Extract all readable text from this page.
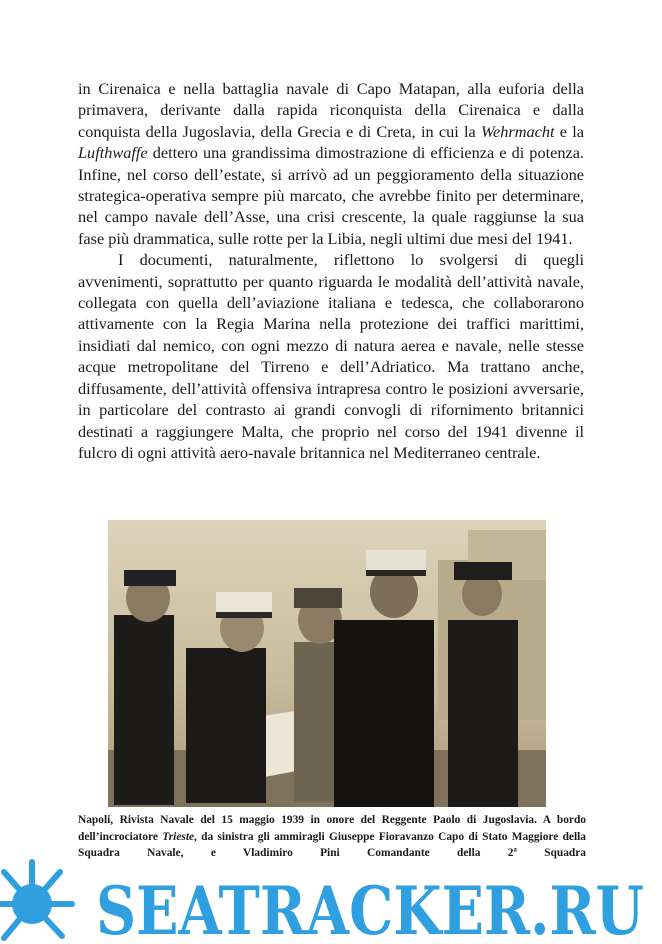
in Cirenaica e nella battaglia navale di Capo Matapan, alla euforia della primavera, derivante dalla rapida riconquista della Cirenaica e dalla conquista della Jugoslavia, della Grecia e di Creta, in cui la Wehrmacht e la Lufthwaffe dettero una grandissima dimostrazione di efficienza e di potenza. Infine, nel corso dell’estate, si arrivò ad un peggioramento della situazione strategica-operativa sempre più marcato, che avrebbe finito per determinare, nel campo navale dell’Asse, una crisi crescente, la quale raggiunse la sua fase più drammatica, sulle rotte per la Libia, negli ultimi due mesi del 1941.

I documenti, naturalmente, riflettono lo svolgersi di quegli avvenimenti, soprattutto per quanto riguarda le modalità dell’attività navale, collegata con quella dell’aviazione italiana e tedesca, che collaborarono attivamente con la Regia Marina nella protezione dei traffici marittimi, insidiati dal nemico, con ogni mezzo di natura aerea e navale, nelle stesse acque metropolitane del Tirreno e dell’Adriatico. Ma trattano anche, diffusamente, dell’attività offensiva intrapresa contro le posizioni avversarie, in particolare del contrasto ai grandi convogli di rifornimento britannici destinati a raggiungere Malta, che proprio nel corso del 1941 divenne il fulcro di ogni attività aero-navale britannica nel Mediterraneo centrale.

Napoli, Rivista Navale del 15 maggio 1939 in onore del Reggente Paolo di Jugoslavia. A bordo dell’incrociatore Trieste, da sinistra gli ammiragli Giuseppe Fioravanzo Capo di Stato Maggiore della Squadra Navale, e Vladimiro Pini Comandante della 2ª Squadra
SEATRACKER.RU
